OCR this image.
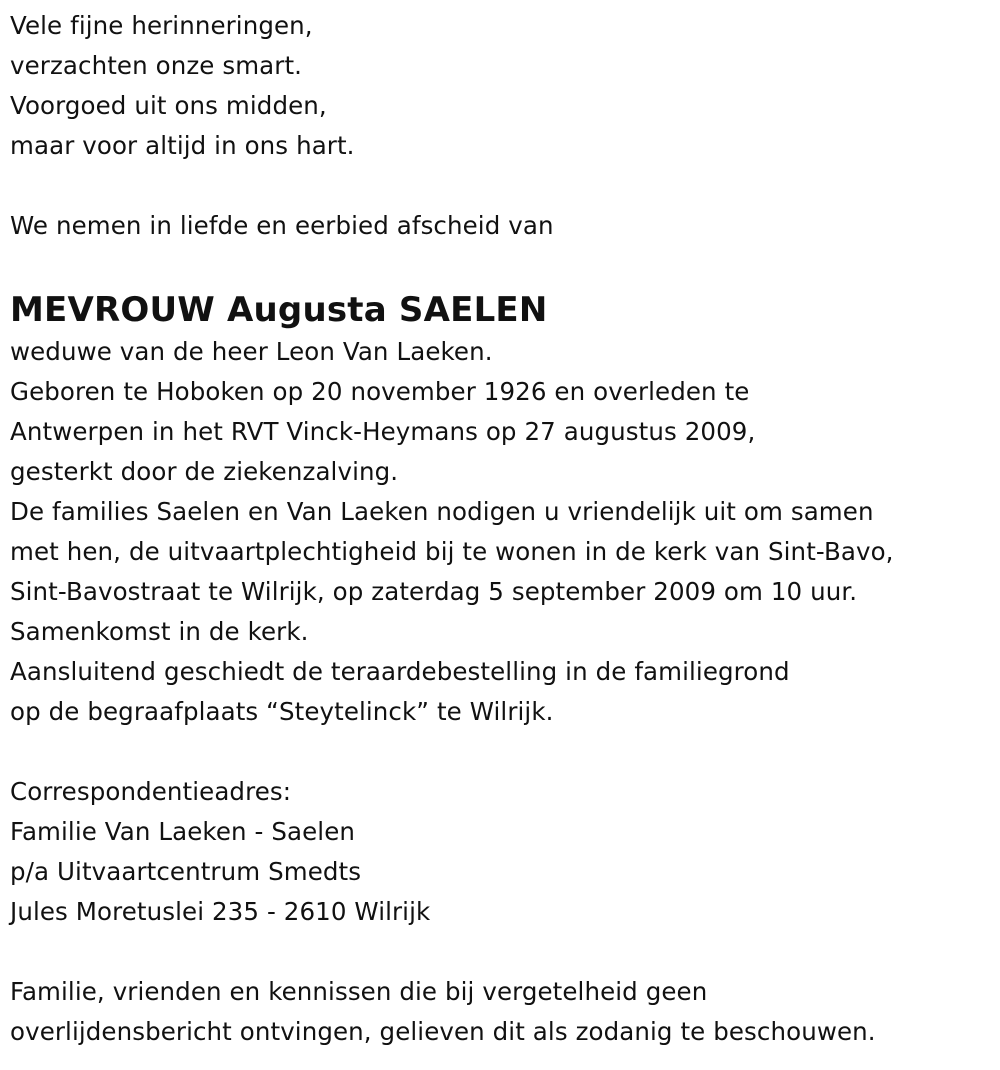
Vele fijne herinneringen,
verzachten onze smart.
Voorgoed uit ons midden,
maar voor altijd in ons hart.
We nemen in liefde en eerbied afscheid van
MEVROUW Augusta SAELEN
weduwe van de heer Leon Van Laeken.
Geboren te Hoboken op 20 november 1926 en overleden te
Antwerpen in het RVT Vinck-Heymans op 27 augustus 2009,
gesterkt door de ziekenzalving.
De families Saelen en Van Laeken nodigen u vriendelijk uit om samen
met hen, de uitvaartplechtigheid bij te wonen in de kerk van Sint-Bavo,
Sint-Bavostraat te Wilrijk, op zaterdag 5 september 2009 om 10 uur.
Samenkomst in de kerk.
Aansluitend geschiedt de teraardebestelling in de familiegrond
op de begraafplaats “Steytelinck” te Wilrijk.
Correspondentieadres:
Familie Van Laeken - Saelen
p/a Uitvaartcentrum Smedts
Jules Moretuslei 235 - 2610 Wilrijk
Familie, vrienden en kennissen die bij vergetelheid geen
overlijdensbericht ontvingen, gelieven dit als zodanig te beschouwen.
